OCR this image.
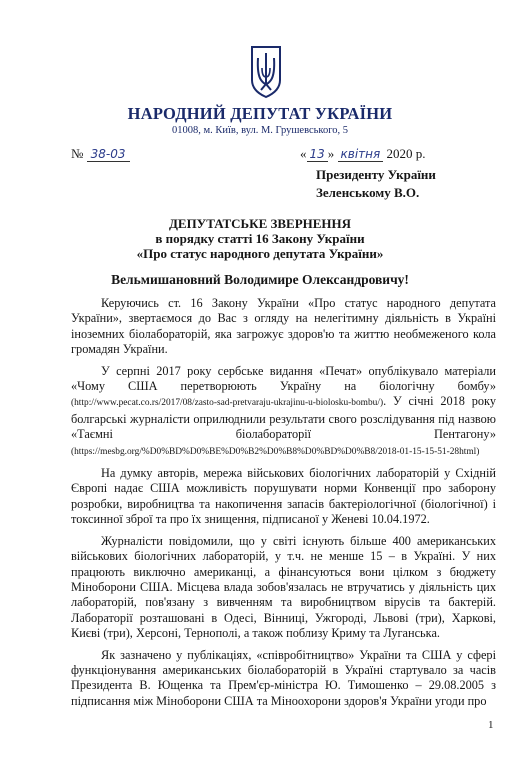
НАРОДНИЙ ДЕПУТАТ УКРАЇНИ
01008, м. Київ, вул. М. Грушевського, 5
№ 38-03	« 13 » квітня 2020 р.
Президенту України
Зеленському В.О.
ДЕПУТАТСЬКЕ ЗВЕРНЕННЯ
в порядку статті 16 Закону України
«Про статус народного депутата України»
Вельмишановний Володимире Олександровичу!

Керуючись ст. 16 Закону України «Про статус народного депутата України», звертаємося до Вас з огляду на нелегітимну діяльність в Україні іноземних біолабораторій, яка загрожує здоров'ю та життю необмеженого кола громадян України.

У серпні 2017 року сербське видання «Печат» опублікувало матеріали «Чому США перетворюють Україну на біологічну бомбу» (http://www.pecat.co.rs/2017/08/zasto-sad-pretvaraju-ukrajinu-u-biolosku-bombu/). У січні 2018 року болгарські журналісти оприлюднили результати свого розслідування під назвою «Таємні біолабораторії Пентагону» (https://mesbg.org/%D0%BD%D0%BE%D0%B2%D0%B8%D0%BD%D0%B8/2018-01-15-15-51-28html)

На думку авторів, мережа військових біологічних лабораторій у Східній Європі надає США можливість порушувати норми Конвенції про заборону розробки, виробництва та накопичення запасів бактеріологічної (біологічної) і токсинної зброї та про їх знищення, підписаної у Женеві 10.04.1972.

Журналісти повідомили, що у світі існують більше 400 американських військових біологічних лабораторій, у т.ч. не менше 15 – в Україні. У них працюють виключно американці, а фінансуються вони цілком з бюджету Міноборони США. Місцева влада зобов'язалась не втручатись у діяльність цих лабораторій, пов'язану з вивченням та виробництвом вірусів та бактерій. Лабораторії розташовані в Одесі, Вінниці, Ужгороді, Львові (три), Харкові, Києві (три), Херсоні, Тернополі, а також поблизу Криму та Луганська.

Як зазначено у публікаціях, «співробітництво» України та США у сфері функціонування американських біолабораторій в Україні стартувало за часів Президента В. Ющенка та Прем'єр-міністра Ю. Тимошенко – 29.08.2005 з підписання між Міноборони США та Міноохорони здоров'я України угоди про

1
